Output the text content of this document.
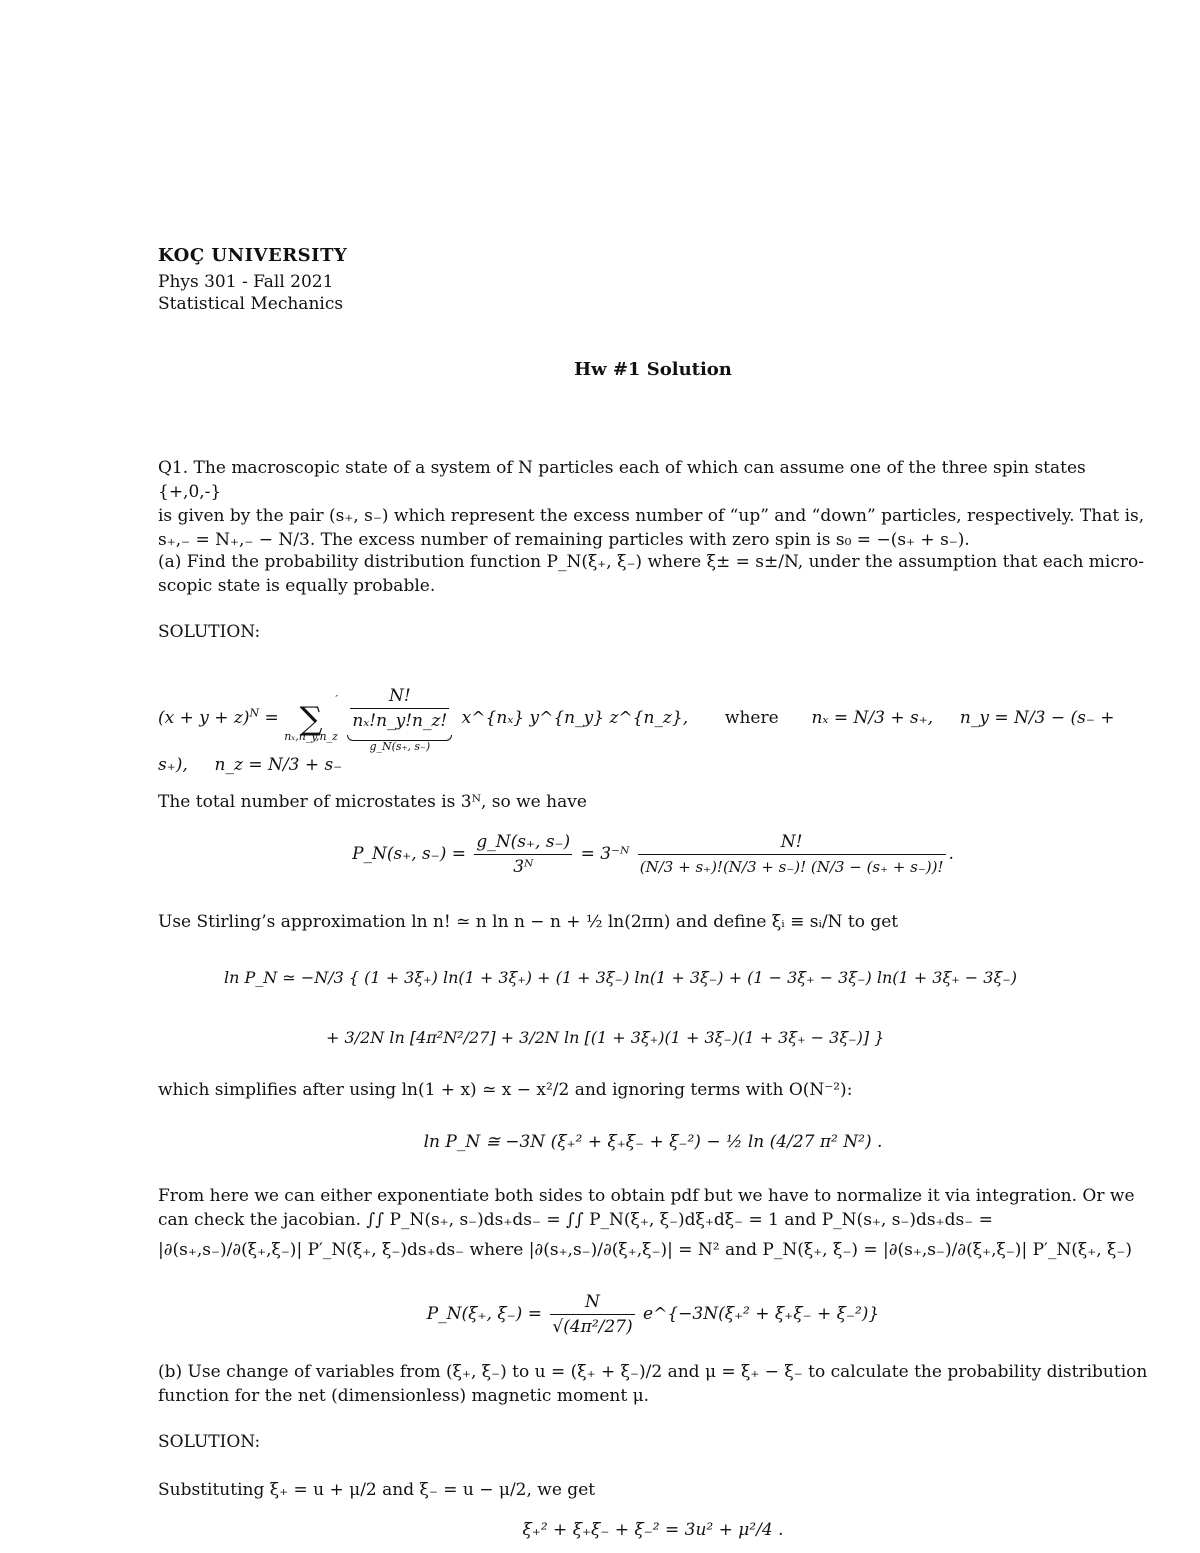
KOÇ UNIVERSITY
Phys 301 - Fall 2021
Statistical Mechanics
Hw #1 Solution
Q1. The macroscopic state of a system of N particles each of which can assume one of the three spin states {+,0,-}
is given by the pair (s₊, s₋) which represent the excess number of “up” and “down” particles, respectively. That is,
s₊,₋ = N₊,₋ − N/3. The excess number of remaining particles with zero spin is s₀ = −(s₊ + s₋).
(a) Find the probability distribution function P_N(ξ₊, ξ₋) where ξ± = s±/N, under the assumption that each micro-
scopic state is equally probable.
SOLUTION:
$(x + y + z)^N$ =
′
∑
nₓ,n_y,n_z

$\frac{N!}{\text{nₓ!n\_y!n\_z!}}$
g_N(s₊, s₋)
x^{nₓ} y^{n_y} z^{n_z}, where nₓ = N/3 + s₊, n_y = N/3 − (s₋ + s₊), n_z = N/3 + s₋
The total number of microstates is 3ᴺ, so we have
P_N(s₊, $s_-) = \frac{g\_N(s_+, s_-)}{\text{3ᴺ}}$ = 3⁻ᴺ $\frac{N!}{(N/3 + s_+)!(N/3 + s_-)! (N/3 - (s_+ + s_-))!}$ .
Use Stirling’s approximation ln n! ≃ n ln n − n + ½ ln(2πn) and define ξᵢ ≡ sᵢ/N to get
ln P_N ≃ −N/3 { (1 + 3ξ₊) ln(1 + 3ξ₊) + (1 + 3ξ₋) ln(1 + 3ξ₋) + (1 − 3ξ₊ − 3ξ₋) ln(1 + 3ξ₊ − 3ξ₋)
+ 3/2N ln [4π²N²/27] + 3/2N ln [(1 + 3ξ₊)(1 + 3ξ₋)(1 + 3ξ₊ − 3ξ₋)] }
which simplifies after using ln(1 + x) ≃ x − x²/2 and ignoring terms with O(N⁻²):
ln P_N ≅ −3N (ξ₊² + ξ₊ξ₋ + ξ₋²) − ½ ln (4/27 π² N²) .
From here we can either exponentiate both sides to obtain pdf but we have to normalize it via integration. Or we
can check the jacobian. ∫∫ P_N(s₊, s₋)ds₊ds₋ = ∫∫ P_N(ξ₊, ξ₋)dξ₊dξ₋ = 1 and P_N(s₊, s₋)ds₊ds₋ =
|∂(s₊,s₋)/∂(ξ₊,ξ₋)| P′_N(ξ₊, ξ₋)ds₊ds₋ where |∂(s₊,s₋)/∂(ξ₊,ξ₋)| = N² and P_N(ξ₊, ξ₋) = |∂(s₊,s₋)/∂(ξ₊,ξ₋)| P′_N(ξ₊, ξ₋)
P_N(ξ₊, $\xi_-) = \frac{N}{\text{√(4π²/27)}}$ e^{−3N(ξ₊² + ξ₊ξ₋ + ξ₋²)}
(b) Use change of variables from (ξ₊, ξ₋) to u = (ξ₊ + ξ₋)/2 and μ = ξ₊ − ξ₋ to calculate the probability distribution
function for the net (dimensionless) magnetic moment μ.
SOLUTION:
Substituting ξ₊ = u + μ/2 and ξ₋ = u − μ/2, we get
ξ₊² + ξ₊ξ₋ + ξ₋² = 3u² + μ²/4 .
